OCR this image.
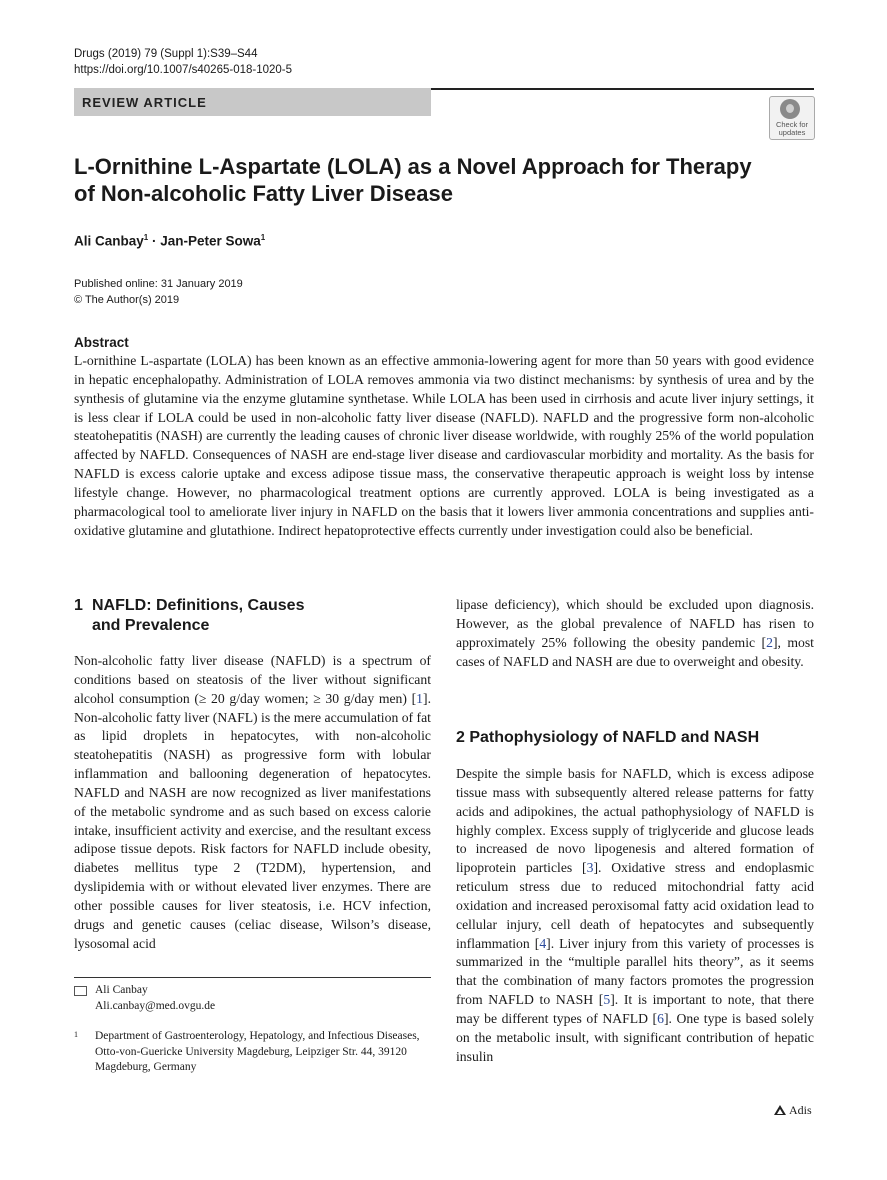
Drugs (2019) 79 (Suppl 1):S39–S44
https://doi.org/10.1007/s40265-018-1020-5
REVIEW ARTICLE
Check for updates
L-Ornithine L-Aspartate (LOLA) as a Novel Approach for Therapy
of Non-alcoholic Fatty Liver Disease
Ali Canbay$^1$ · Jan-Peter Sowa$^1$
Published online: 31 January 2019
© The Author(s) 2019
Abstract
L-ornithine L-aspartate (LOLA) has been known as an effective ammonia-lowering agent for more than 50 years with good evidence in hepatic encephalopathy. Administration of LOLA removes ammonia via two distinct mechanisms: by synthesis of urea and by the synthesis of glutamine via the enzyme glutamine synthetase. While LOLA has been used in cirrhosis and acute liver injury settings, it is less clear if LOLA could be used in non-alcoholic fatty liver disease (NAFLD). NAFLD and the progressive form non-alcoholic steatohepatitis (NASH) are currently the leading causes of chronic liver disease worldwide, with roughly 25% of the world population affected by NAFLD. Consequences of NASH are end-stage liver disease and cardiovascular morbidity and mortality. As the basis for NAFLD is excess calorie uptake and excess adipose tissue mass, the conservative therapeutic approach is weight loss by intense lifestyle change. However, no pharmacological treatment options are currently approved. LOLA is being investigated as a pharmacological tool to ameliorate liver injury in NAFLD on the basis that it lowers liver ammonia concentrations and supplies anti-oxidative glutamine and glutathione. Indirect hepatoprotective effects currently under investigation could also be beneficial.
1 NAFLD: Definitions, Causes
and Prevalence
Non-alcoholic fatty liver disease (NAFLD) is a spectrum of conditions based on steatosis of the liver without significant alcohol consumption (≥ 20 g/day women; ≥ 30 g/day men) [1]. Non-alcoholic fatty liver (NAFL) is the mere accumulation of fat as lipid droplets in hepatocytes, with non-alcoholic steatohepatitis (NASH) as progressive form with lobular inflammation and ballooning degeneration of hepatocytes. NAFLD and NASH are now recognized as liver manifestations of the metabolic syndrome and as such based on excess calorie intake, insufficient activity and exercise, and the resultant excess adipose tissue depots. Risk factors for NAFLD include obesity, diabetes mellitus type 2 (T2DM), hypertension, and dyslipidemia with or without elevated liver enzymes. There are other possible causes for liver steatosis, i.e. HCV infection, drugs and genetic causes (celiac disease, Wilson’s disease, lysosomal acid
lipase deficiency), which should be excluded upon diagnosis. However, as the global prevalence of NAFLD has risen to approximately 25% following the obesity pandemic [2], most cases of NAFLD and NASH are due to overweight and obesity.
2 Pathophysiology of NAFLD and NASH
Despite the simple basis for NAFLD, which is excess adipose tissue mass with subsequently altered release patterns for fatty acids and adipokines, the actual pathophysiology of NAFLD is highly complex. Excess supply of triglyceride and glucose leads to increased de novo lipogenesis and altered formation of lipoprotein particles [3]. Oxidative stress and endoplasmic reticulum stress due to reduced mitochondrial fatty acid oxidation and increased peroxisomal fatty acid oxidation lead to cellular injury, cell death of hepatocytes and subsequently inflammation [4]. Liver injury from this variety of processes is summarized in the “multiple parallel hits theory”, as it seems that the combination of many factors promotes the progression from NAFLD to NASH [5]. It is important to note, that there may be different types of NAFLD [6]. One type is based solely on the metabolic insult, with significant contribution of hepatic insulin
Ali Canbay
Ali.canbay@med.ovgu.de
1 Department of Gastroenterology, Hepatology, and Infectious Diseases, Otto-von-Guericke University Magdeburg, Leipziger Str. 44, 39120 Magdeburg, Germany
Adis
